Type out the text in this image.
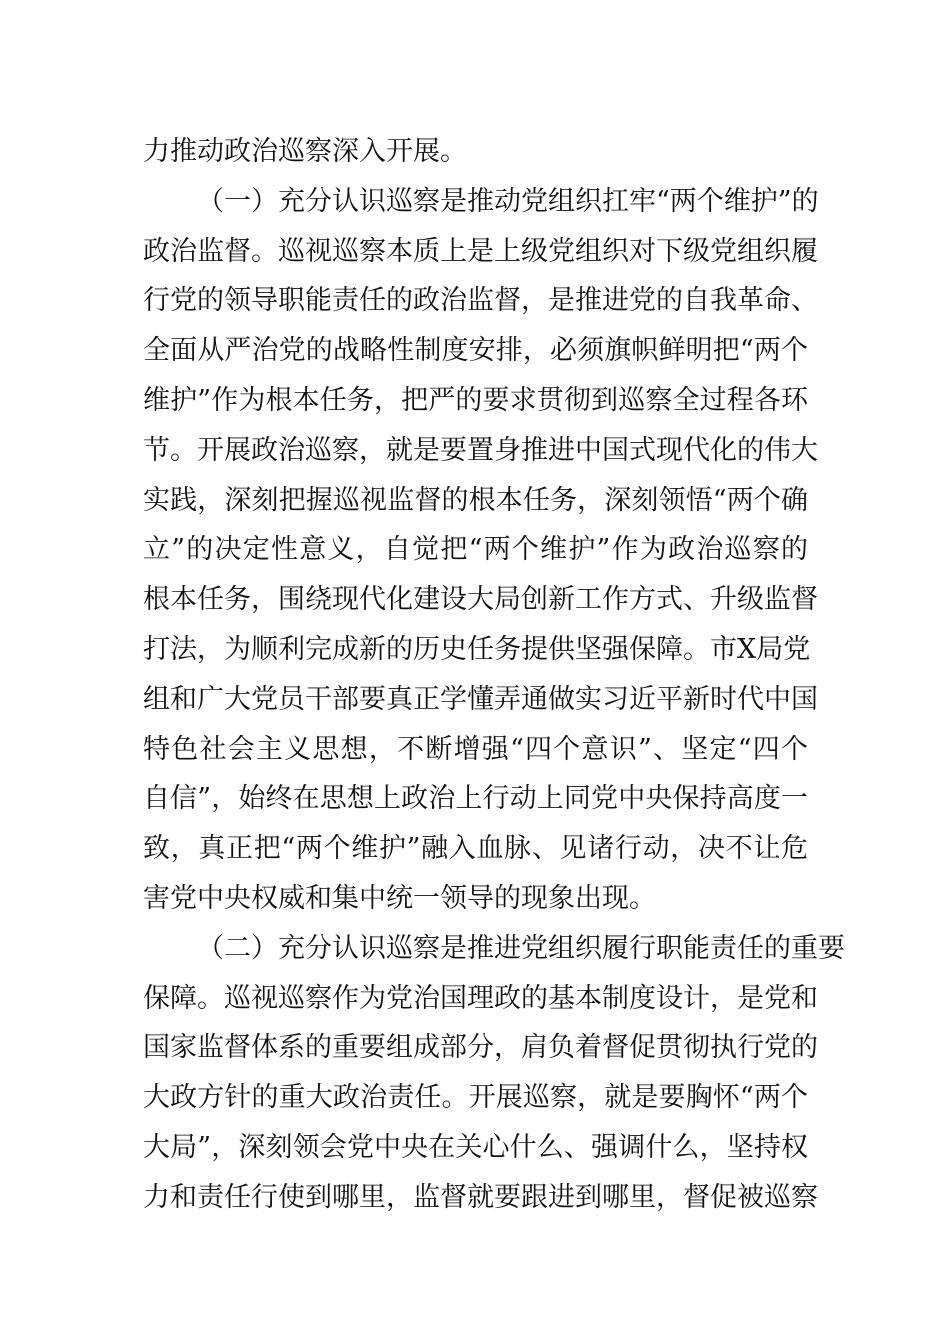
力推动政治巡察深入开展。
（一）充分认识巡察是推动党组织扛牢“两个维护”的
政治监督。巡视巡察本质上是上级党组织对下级党组织履
行党的领导职能责任的政治监督，是推进党的自我革命、
全面从严治党的战略性制度安排，必须旗帜鲜明把“两个
维护”作为根本任务，把严的要求贯彻到巡察全过程各环
节。开展政治巡察，就是要置身推进中国式现代化的伟大
实践，深刻把握巡视监督的根本任务，深刻领悟“两个确
立”的决定性意义，自觉把“两个维护”作为政治巡察的
根本任务，围绕现代化建设大局创新工作方式、升级监督
打法，为顺利完成新的历史任务提供坚强保障。市X局党
组和广大党员干部要真正学懂弄通做实习近平新时代中国
特色社会主义思想，不断增强“四个意识”、坚定“四个
自信”，始终在思想上政治上行动上同党中央保持高度一
致，真正把“两个维护”融入血脉、见诸行动，决不让危
害党中央权威和集中统一领导的现象出现。
（二）充分认识巡察是推进党组织履行职能责任的重要
保障。巡视巡察作为党治国理政的基本制度设计，是党和
国家监督体系的重要组成部分，肩负着督促贯彻执行党的
大政方针的重大政治责任。开展巡察，就是要胸怀“两个
大局”，深刻领会党中央在关心什么、强调什么，坚持权
力和责任行使到哪里，监督就要跟进到哪里，督促被巡察
